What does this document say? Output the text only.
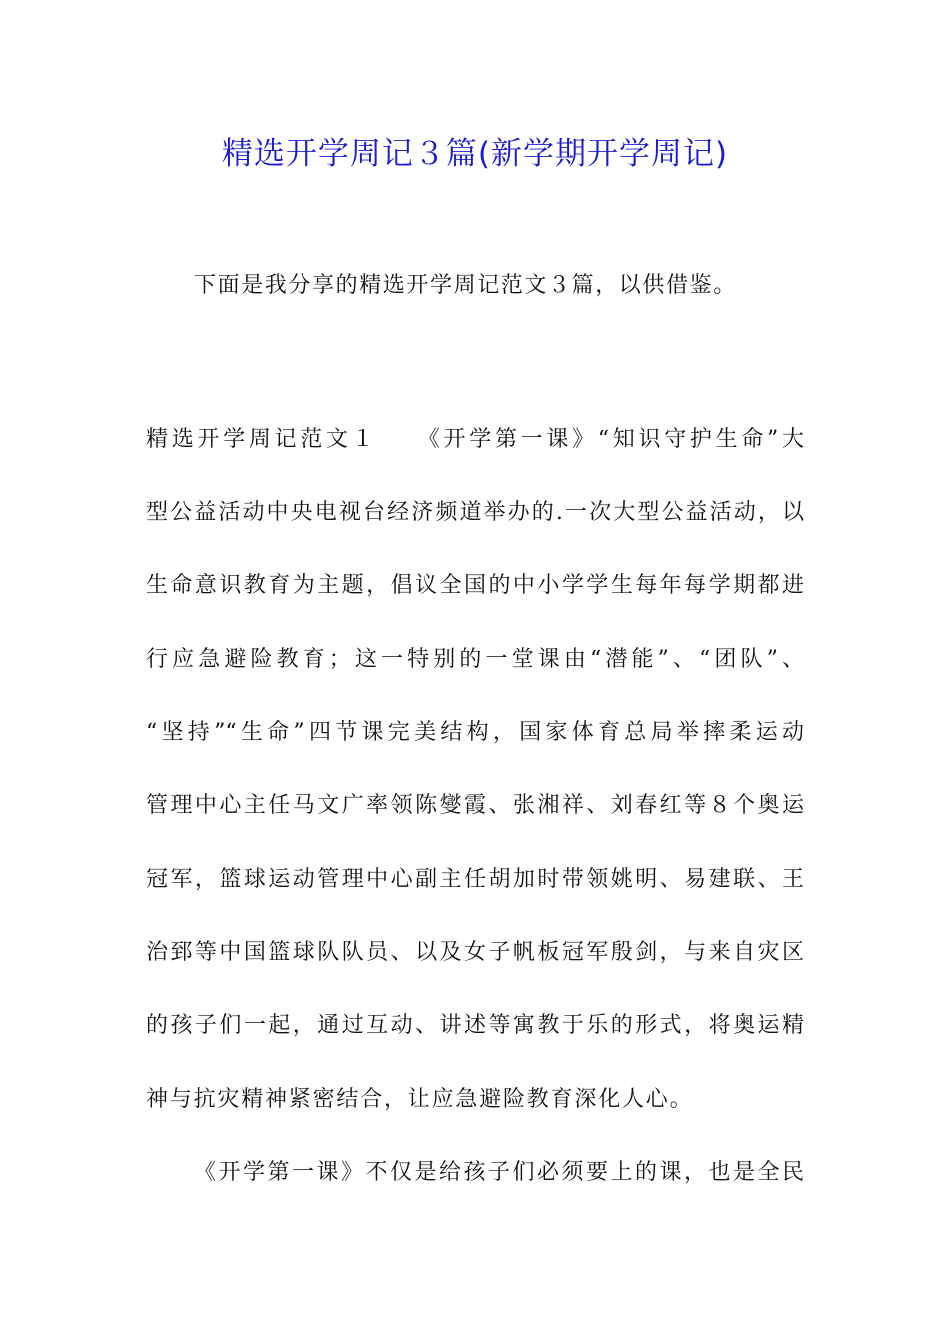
精选开学周记３篇(新学期开学周记)
下面是我分享的精选开学周记范文３篇，以供借鉴。
精选开学周记范文１　　《开学第一课》“知识守护生命”大
型公益活动中央电视台经济频道举办的.一次大型公益活动，以
生命意识教育为主题，倡议全国的中小学学生每年每学期都进
行应急避险教育；这一特别的一堂课由“潜能”、“团队”、
“坚持”“生命”四节课完美结构，国家体育总局举摔柔运动
管理中心主任马文广率领陈燮霞、张湘祥、刘春红等８个奥运
冠军，篮球运动管理中心副主任胡加时带领姚明、易建联、王
治郅等中国篮球队队员、以及女子帆板冠军殷剑，与来自灾区
的孩子们一起，通过互动、讲述等寓教于乐的形式，将奥运精
神与抗灾精神紧密结合，让应急避险教育深化人心。
《开学第一课》不仅是给孩子们必须要上的课，也是全民
